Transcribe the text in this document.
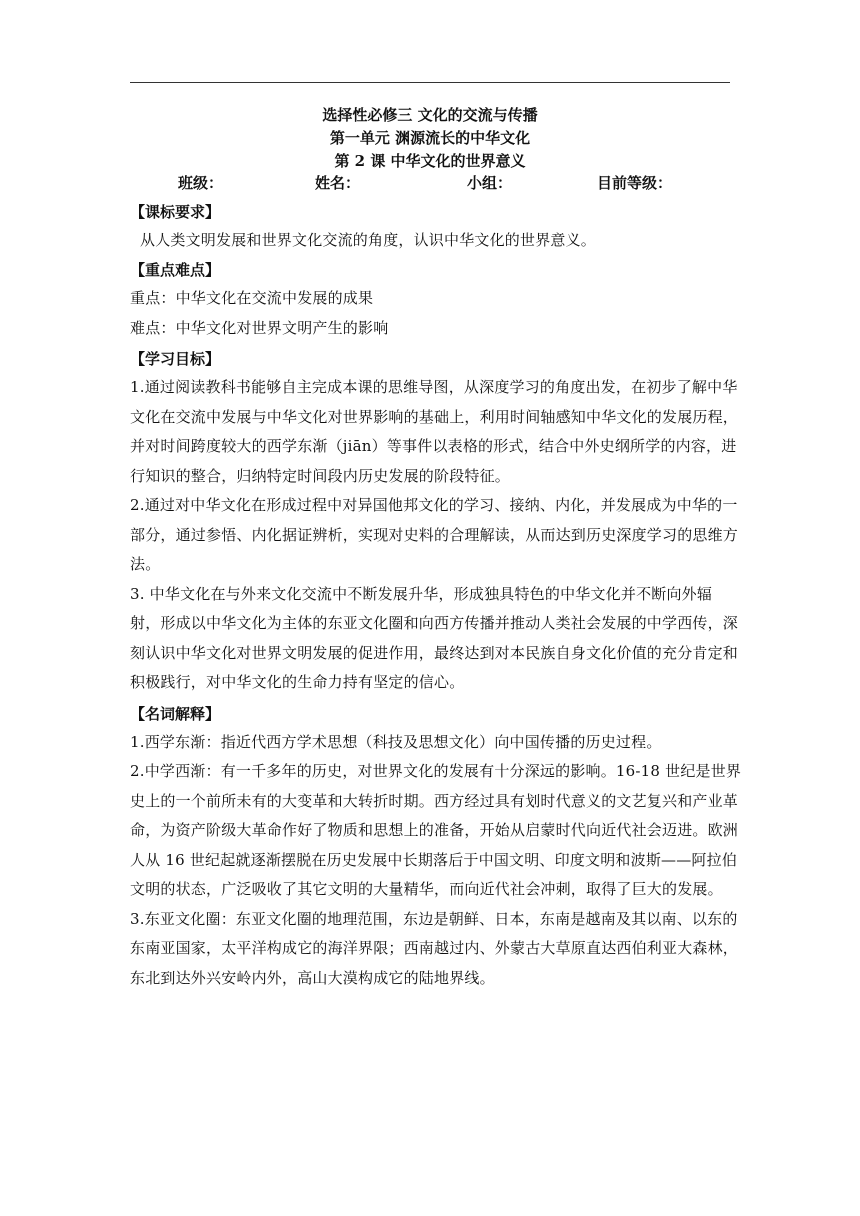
选择性必修三 文化的交流与传播
第一单元 渊源流长的中华文化
第 2 课 中华文化的世界意义
班级：	姓名：	小组：	目前等级：

【课标要求】

从人类文明发展和世界文化交流的角度，认识中华文化的世界意义。

【重点难点】

重点：中华文化在交流中发展的成果

难点：中华文化对世界文明产生的影响

【学习目标】

1.通过阅读教科书能够自主完成本课的思维导图，从深度学习的角度出发，在初步了解中华文化在交流中发展与中华文化对世界影响的基础上，利用时间轴感知中华文化的发展历程，并对时间跨度较大的西学东渐（jiān）等事件以表格的形式，结合中外史纲所学的内容，进行知识的整合，归纳特定时间段内历史发展的阶段特征。

2.通过对中华文化在形成过程中对异国他邦文化的学习、接纳、内化，并发展成为中华的一部分，通过参悟、内化据证辨析，实现对史料的合理解读，从而达到历史深度学习的思维方法。

3. 中华文化在与外来文化交流中不断发展升华，形成独具特色的中华文化并不断向外辐射，形成以中华文化为主体的东亚文化圈和向西方传播并推动人类社会发展的中学西传，深刻认识中华文化对世界文明发展的促进作用，最终达到对本民族自身文化价值的充分肯定和积极践行，对中华文化的生命力持有坚定的信心。

【名词解释】

1.西学东渐：指近代西方学术思想（科技及思想文化）向中国传播的历史过程。

2.中学西渐：有一千多年的历史，对世界文化的发展有十分深远的影响。16-18 世纪是世界史上的一个前所未有的大变革和大转折时期。西方经过具有划时代意义的文艺复兴和产业革命，为资产阶级大革命作好了物质和思想上的准备，开始从启蒙时代向近代社会迈进。欧洲人从 16 世纪起就逐渐摆脱在历史发展中长期落后于中国文明、印度文明和波斯——阿拉伯文明的状态，广泛吸收了其它文明的大量精华，而向近代社会冲刺，取得了巨大的发展。

3.东亚文化圈：东亚文化圈的地理范围，东边是朝鲜、日本，东南是越南及其以南、以东的东南亚国家，太平洋构成它的海洋界限；西南越过内、外蒙古大草原直达西伯利亚大森林，东北到达外兴安岭内外，高山大漠构成它的陆地界线。
